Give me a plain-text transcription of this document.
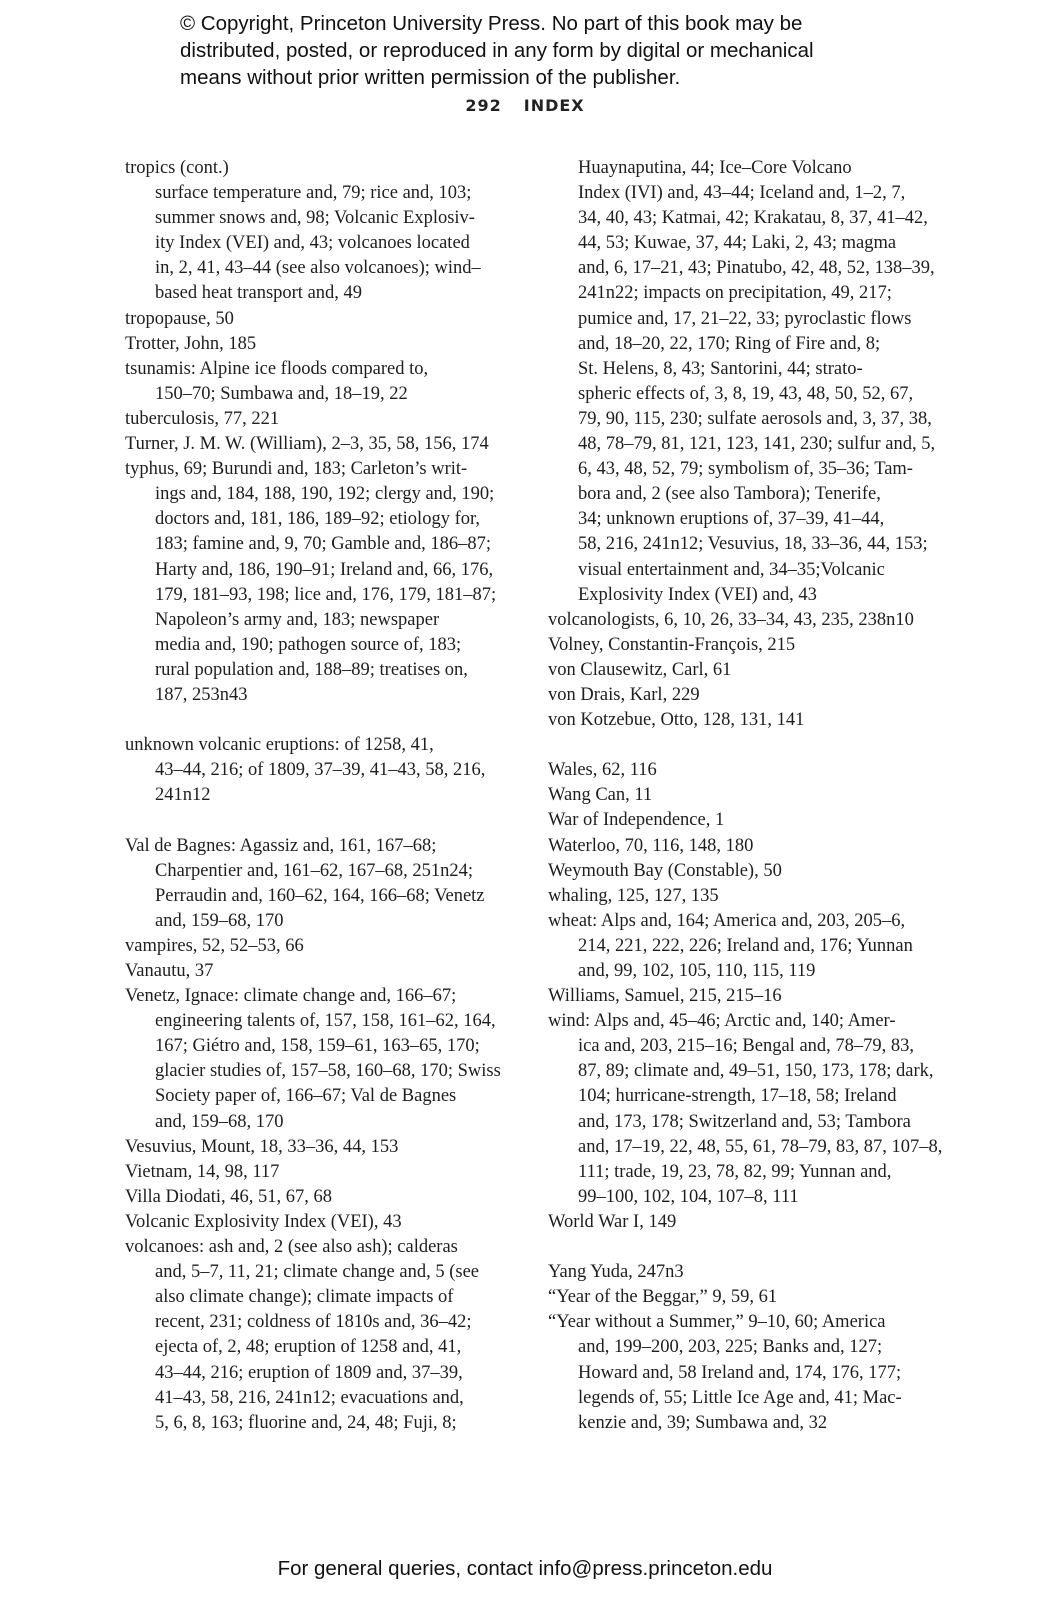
© Copyright, Princeton University Press. No part of this book may be
distributed, posted, or reproduced in any form by digital or mechanical
means without prior written permission of the publisher.
292 INDEX
tropics (cont.)
surface temperature and, 79; rice and, 103;
summer snows and, 98; Volcanic Explosiv-
ity Index (VEI) and, 43; volcanoes located
in, 2, 41, 43–44 (see also volcanoes); wind–
based heat transport and, 49
tropopause, 50
Trotter, John, 185
tsunamis: Alpine ice floods compared to,
150–70; Sumbawa and, 18–19, 22
tuberculosis, 77, 221
Turner, J. M. W. (William), 2–3, 35, 58, 156, 174
typhus, 69; Burundi and, 183; Carleton’s writ-
ings and, 184, 188, 190, 192; clergy and, 190;
doctors and, 181, 186, 189–92; etiology for,
183; famine and, 9, 70; Gamble and, 186–87;
Harty and, 186, 190–91; Ireland and, 66, 176,
179, 181–93, 198; lice and, 176, 179, 181–87;
Napoleon’s army and, 183; newspaper
media and, 190; pathogen source of, 183;
rural population and, 188–89; treatises on,
187, 253n43
unknown volcanic eruptions: of 1258, 41,
43–44, 216; of 1809, 37–39, 41–43, 58, 216,
241n12
Val de Bagnes: Agassiz and, 161, 167–68;
Charpentier and, 161–62, 167–68, 251n24;
Perraudin and, 160–62, 164, 166–68; Venetz
and, 159–68, 170
vampires, 52, 52–53, 66
Vanautu, 37
Venetz, Ignace: climate change and, 166–67;
engineering talents of, 157, 158, 161–62, 164,
167; Giétro and, 158, 159–61, 163–65, 170;
glacier studies of, 157–58, 160–68, 170; Swiss
Society paper of, 166–67; Val de Bagnes
and, 159–68, 170
Vesuvius, Mount, 18, 33–36, 44, 153
Vietnam, 14, 98, 117
Villa Diodati, 46, 51, 67, 68
Volcanic Explosivity Index (VEI), 43
volcanoes: ash and, 2 (see also ash); calderas
and, 5–7, 11, 21; climate change and, 5 (see
also climate change); climate impacts of
recent, 231; coldness of 1810s and, 36–42;
ejecta of, 2, 48; eruption of 1258 and, 41,
43–44, 216; eruption of 1809 and, 37–39,
41–43, 58, 216, 241n12; evacuations and,
5, 6, 8, 163; fluorine and, 24, 48; Fuji, 8;
Huaynaputina, 44; Ice–Core Volcano
Index (IVI) and, 43–44; Iceland and, 1–2, 7,
34, 40, 43; Katmai, 42; Krakatau, 8, 37, 41–42,
44, 53; Kuwae, 37, 44; Laki, 2, 43; magma
and, 6, 17–21, 43; Pinatubo, 42, 48, 52, 138–39,
241n22; impacts on precipitation, 49, 217;
pumice and, 17, 21–22, 33; pyroclastic flows
and, 18–20, 22, 170; Ring of Fire and, 8;
St. Helens, 8, 43; Santorini, 44; strato-
spheric effects of, 3, 8, 19, 43, 48, 50, 52, 67,
79, 90, 115, 230; sulfate aerosols and, 3, 37, 38,
48, 78–79, 81, 121, 123, 141, 230; sulfur and, 5,
6, 43, 48, 52, 79; symbolism of, 35–36; Tam-
bora and, 2 (see also Tambora); Tenerife,
34; unknown eruptions of, 37–39, 41–44,
58, 216, 241n12; Vesuvius, 18, 33–36, 44, 153;
visual entertainment and, 34–35;Volcanic
Explosivity Index (VEI) and, 43
volcanologists, 6, 10, 26, 33–34, 43, 235, 238n10
Volney, Constantin-François, 215
von Clausewitz, Carl, 61
von Drais, Karl, 229
von Kotzebue, Otto, 128, 131, 141
Wales, 62, 116
Wang Can, 11
War of Independence, 1
Waterloo, 70, 116, 148, 180
Weymouth Bay (Constable), 50
whaling, 125, 127, 135
wheat: Alps and, 164; America and, 203, 205–6,
214, 221, 222, 226; Ireland and, 176; Yunnan
and, 99, 102, 105, 110, 115, 119
Williams, Samuel, 215, 215–16
wind: Alps and, 45–46; Arctic and, 140; Amer-
ica and, 203, 215–16; Bengal and, 78–79, 83,
87, 89; climate and, 49–51, 150, 173, 178; dark,
104; hurricane-strength, 17–18, 58; Ireland
and, 173, 178; Switzerland and, 53; Tambora
and, 17–19, 22, 48, 55, 61, 78–79, 83, 87, 107–8,
111; trade, 19, 23, 78, 82, 99; Yunnan and,
99–100, 102, 104, 107–8, 111
World War I, 149
Yang Yuda, 247n3
“Year of the Beggar,” 9, 59, 61
“Year without a Summer,” 9–10, 60; America
and, 199–200, 203, 225; Banks and, 127;
Howard and, 58 Ireland and, 174, 176, 177;
legends of, 55; Little Ice Age and, 41; Mac-
kenzie and, 39; Sumbawa and, 32
For general queries, contact info@press.princeton.edu
